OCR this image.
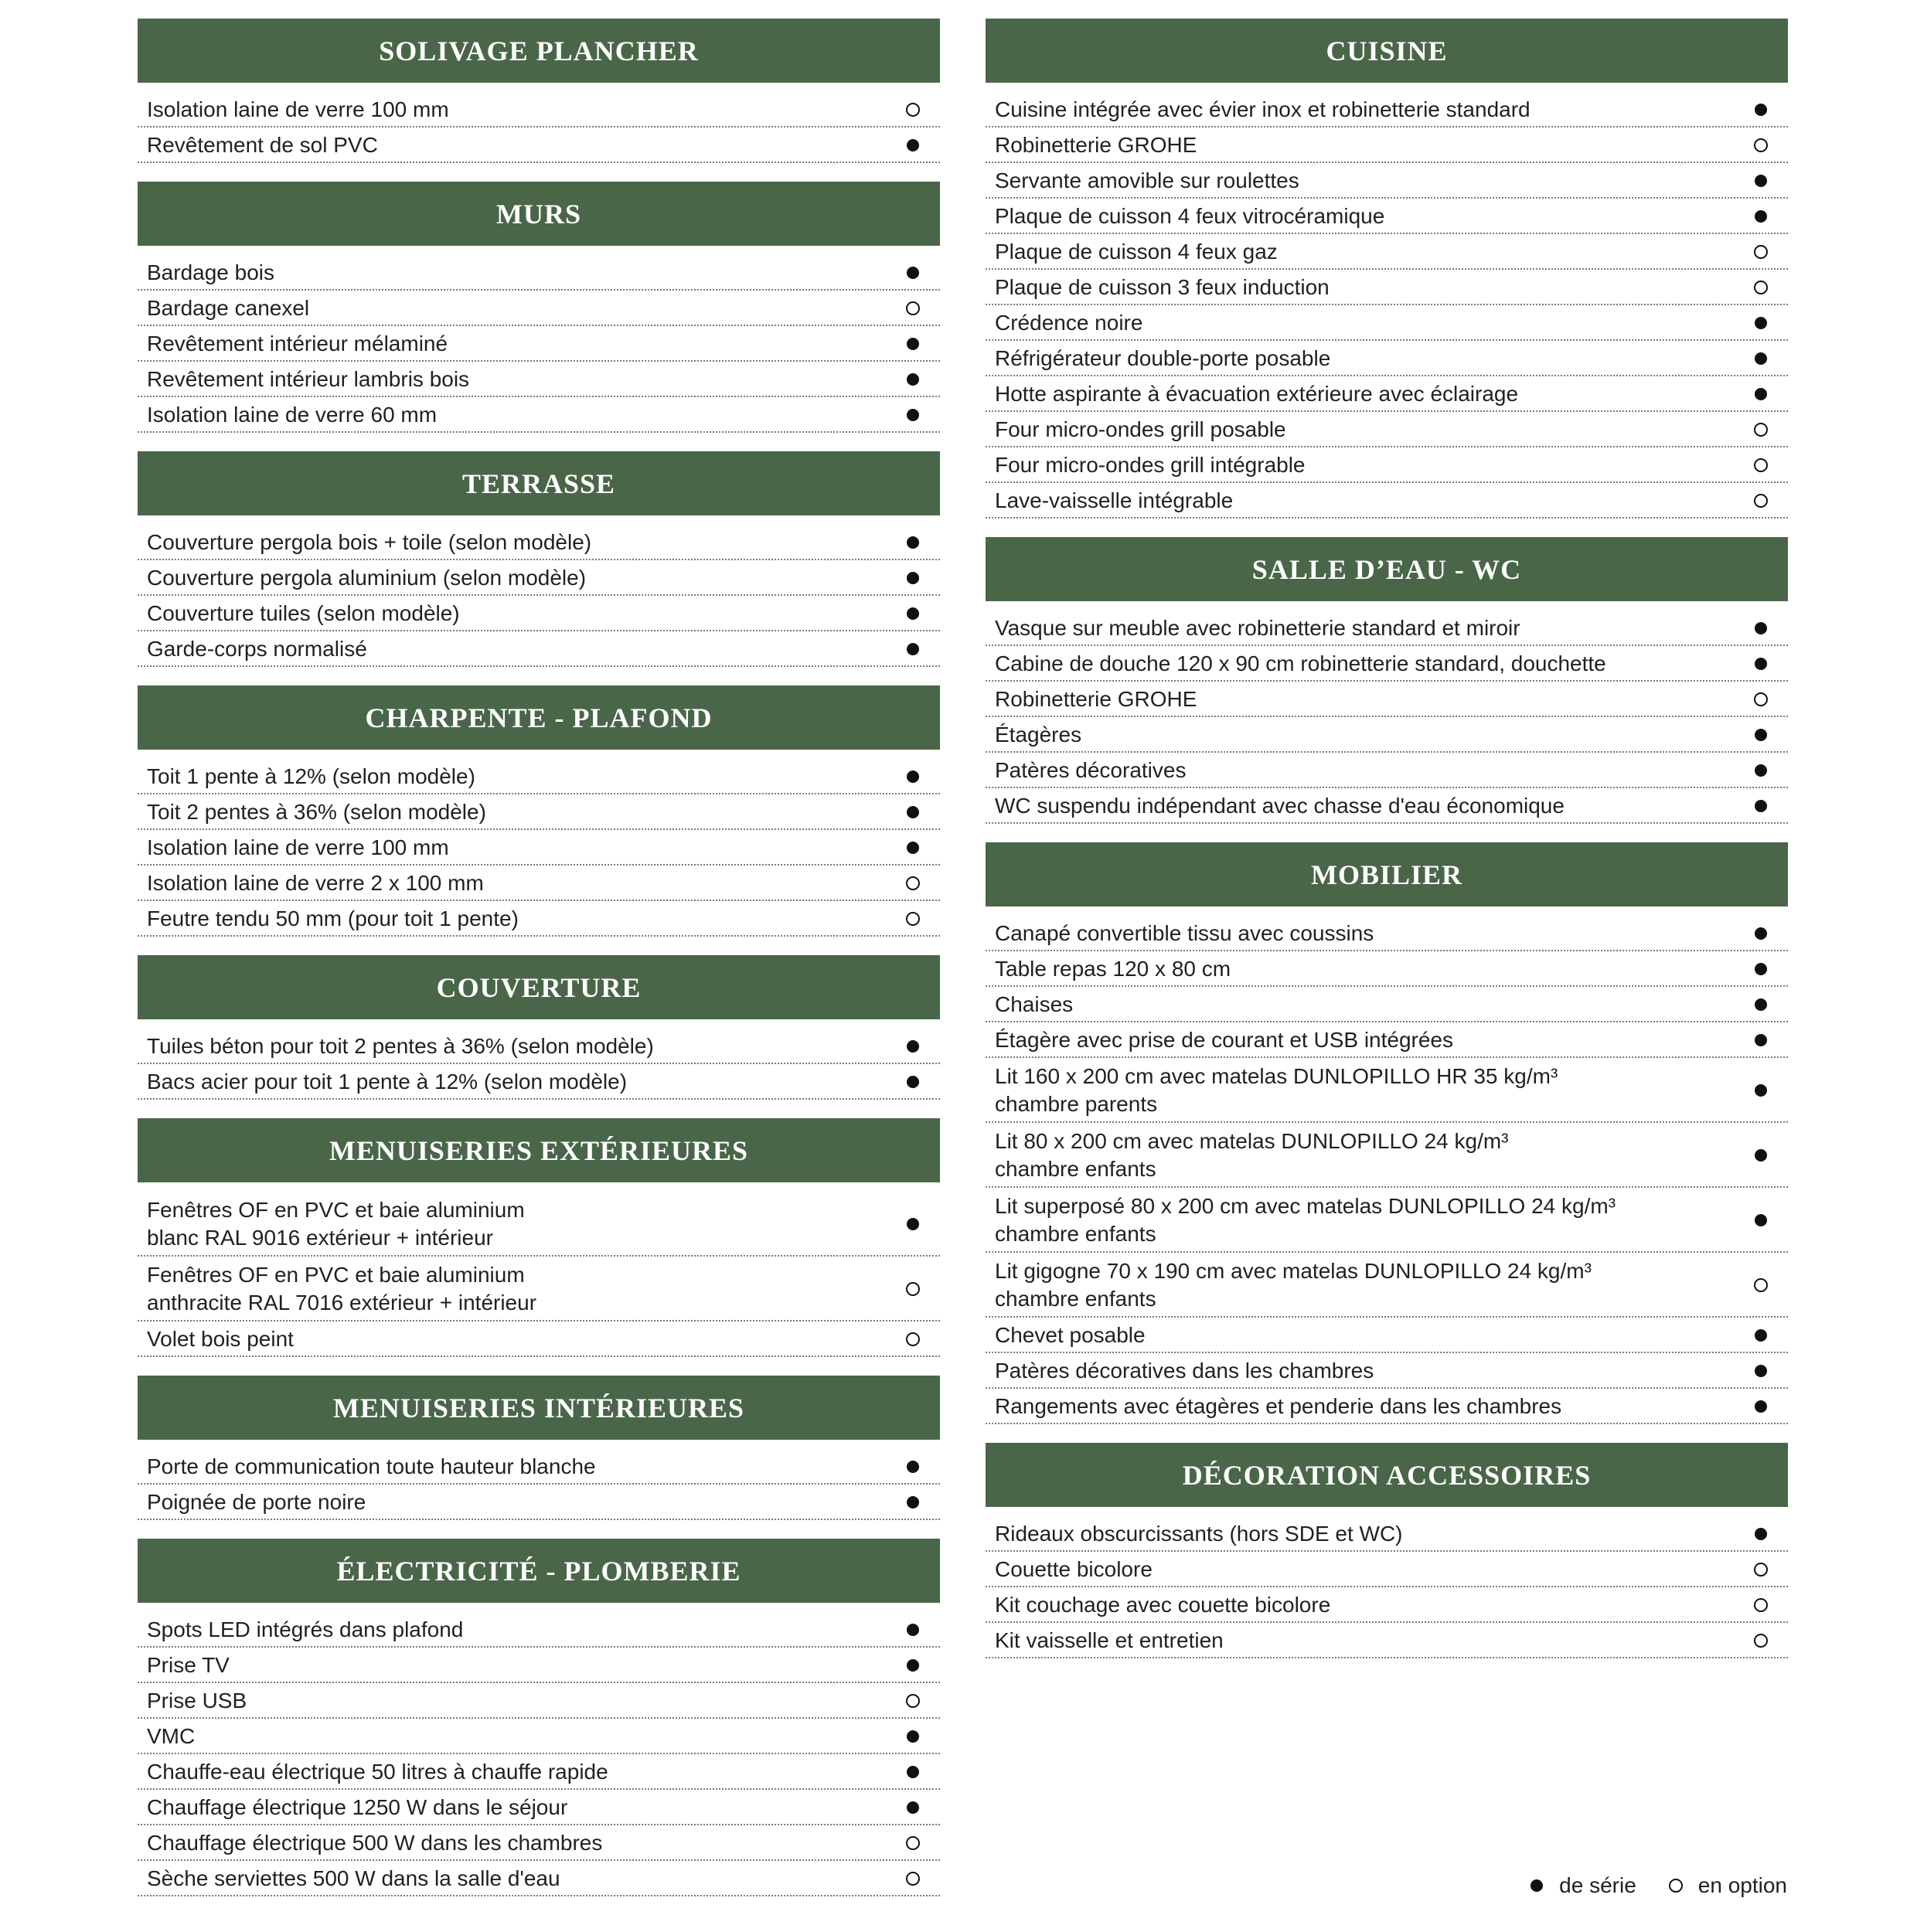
SOLIVAGE PLANCHER
Isolation laine de verre 100 mm
Revêtement de sol PVC
MURS
Bardage bois
Bardage canexel
Revêtement intérieur mélaminé
Revêtement intérieur lambris bois
Isolation laine de verre 60 mm
TERRASSE
Couverture pergola bois + toile (selon modèle)
Couverture pergola aluminium (selon modèle)
Couverture tuiles (selon modèle)
Garde-corps normalisé
CHARPENTE - PLAFOND
Toit 1 pente à 12% (selon modèle)
Toit 2 pentes à 36% (selon modèle)
Isolation laine de verre 100 mm
Isolation laine de verre 2 x 100 mm
Feutre tendu 50 mm (pour toit 1 pente)
COUVERTURE
Tuiles béton pour toit 2 pentes à 36% (selon modèle)
Bacs acier pour toit 1 pente à 12% (selon modèle)
MENUISERIES EXTÉRIEURES
Fenêtres OF en PVC et baie aluminium
blanc RAL 9016 extérieur + intérieur
Fenêtres OF en PVC et baie aluminium
anthracite RAL 7016 extérieur + intérieur
Volet bois peint
MENUISERIES INTÉRIEURES
Porte de communication toute hauteur blanche
Poignée de porte noire
ÉLECTRICITÉ - PLOMBERIE
Spots LED intégrés dans plafond
Prise TV
Prise USB
VMC
Chauffe-eau électrique 50 litres à chauffe rapide
Chauffage électrique 1250 W dans le séjour
Chauffage électrique 500 W dans les chambres
Sèche serviettes 500 W dans la salle d'eau
CUISINE
Cuisine intégrée avec évier inox et robinetterie standard
Robinetterie GROHE
Servante amovible sur roulettes
Plaque de cuisson 4 feux vitrocéramique
Plaque de cuisson 4 feux gaz
Plaque de cuisson 3 feux induction
Crédence noire
Réfrigérateur double-porte posable
Hotte aspirante à évacuation extérieure avec éclairage
Four micro-ondes grill posable
Four micro-ondes grill intégrable
Lave-vaisselle intégrable
SALLE D’EAU - WC
Vasque sur meuble avec robinetterie standard et miroir
Cabine de douche 120 x 90 cm robinetterie standard, douchette
Robinetterie GROHE
Étagères
Patères décoratives
WC suspendu indépendant avec chasse d'eau économique
MOBILIER
Canapé convertible tissu avec coussins
Table repas 120 x 80 cm
Chaises
Étagère avec prise de courant et USB intégrées
Lit 160 x 200 cm avec matelas DUNLOPILLO HR 35 kg/m³
chambre parents
Lit 80 x 200 cm avec matelas DUNLOPILLO 24 kg/m³
chambre enfants
Lit superposé 80 x 200 cm avec matelas DUNLOPILLO 24 kg/m³
chambre enfants
Lit gigogne 70 x 190 cm avec matelas DUNLOPILLO 24 kg/m³
chambre enfants
Chevet posable
Patères décoratives dans les chambres
Rangements avec étagères et penderie dans les chambres
DÉCORATION ACCESSOIRES
Rideaux obscurcissants (hors SDE et WC)
Couette bicolore
Kit couchage avec couette bicolore
Kit vaisselle et entretien
de série	en option
